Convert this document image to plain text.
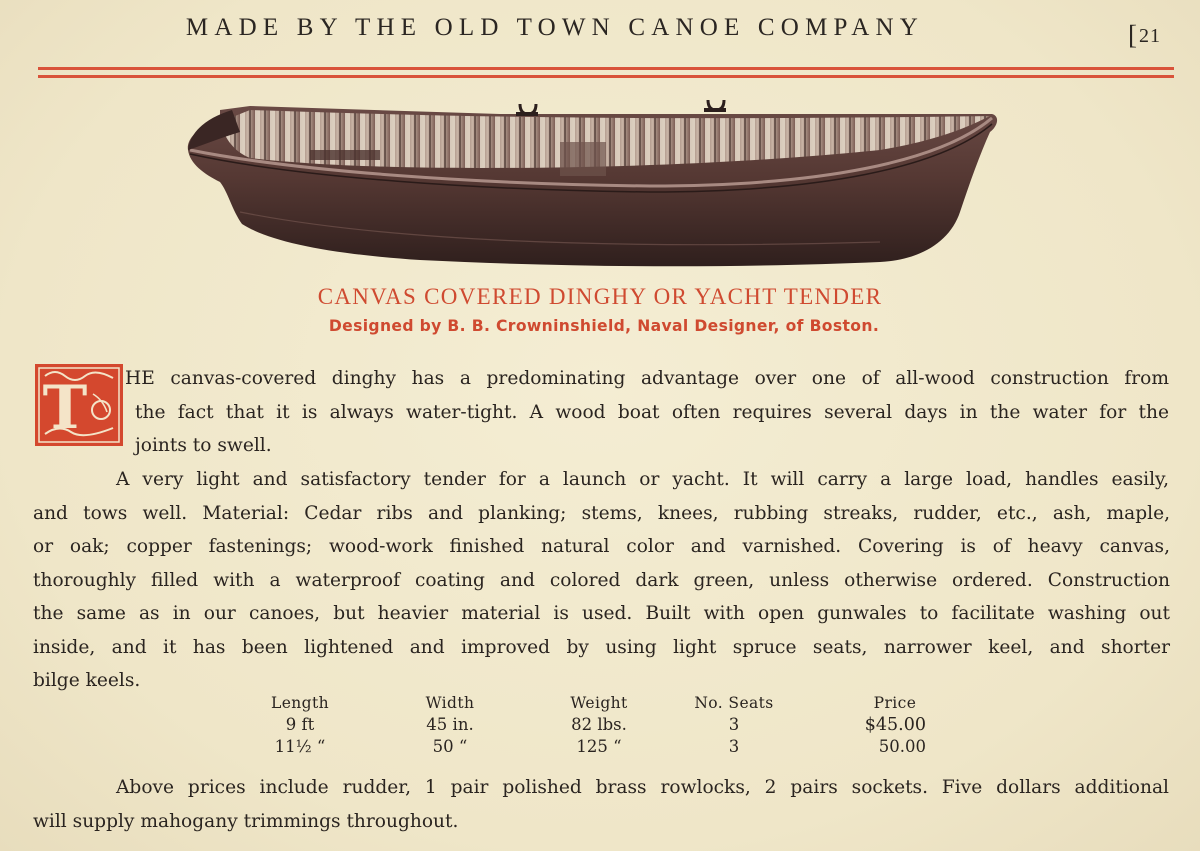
MADE BY THE OLD TOWN CANOE COMPANY	[21
CANVAS COVERED DINGHY OR YACHT TENDER
Designed by B. B. Crowninshield, Naval Designer, of Boston.
T HE canvas-covered dinghy has a predominating advantage over one of all-wood construction from
the fact that it is always water-tight. A wood boat often requires several days in the water for the
joints to swell.
A very light and satisfactory tender for a launch or yacht. It will carry a large load, handles easily,
and tows well. Material: Cedar ribs and planking; stems, knees, rubbing streaks, rudder, etc., ash, maple,
or oak; copper fastenings; wood-work finished natural color and varnished. Covering is of heavy canvas,
thoroughly filled with a waterproof coating and colored dark green, unless otherwise ordered. Construction
the same as in our canoes, but heavier material is used. Built with open gunwales to facilitate washing out
inside, and it has been lightened and improved by using light spruce seats, narrower keel, and shorter
bilge keels.
Length
9 ft
11½ “
Width
45 in.
50 “
Weight
82 lbs.
125 “
No. Seats
3
3
Price
$45.00
50.00
Above prices include rudder, 1 pair polished brass rowlocks, 2 pairs sockets. Five dollars additional
will supply mahogany trimmings throughout.
